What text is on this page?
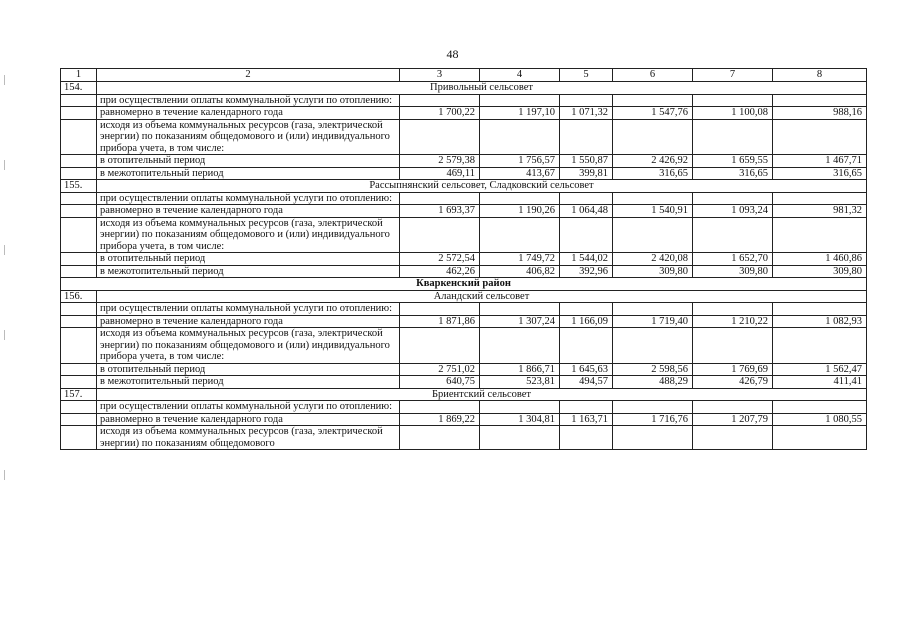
48
1	2	3	4	5	6	7	8
154.	Привольный сельсовет						
	при осуществлении оплаты коммунальной услуги по отоплению:						
	равномерно в течение календарного года	1 700,22	1 197,10	1 071,32	1 547,76	1 100,08	988,16
	исходя из объема коммунальных ресурсов (газа, электрической энергии) по показаниям общедомового и (или) индивидуального прибора учета, в том числе:						
	в отопительный период	2 579,38	1 756,57	1 550,87	2 426,92	1 659,55	1 467,71
	в межотопительный период	469,11	413,67	399,81	316,65	316,65	316,65
155.	Рассыпнянский сельсовет, Сладковский сельсовет						
	при осуществлении оплаты коммунальной услуги по отоплению:						
	равномерно в течение календарного года	1 693,37	1 190,26	1 064,48	1 540,91	1 093,24	981,32
	исходя из объема коммунальных ресурсов (газа, электрической энергии) по показаниям общедомового и (или) индивидуального прибора учета, в том числе:						
	в отопительный период	2 572,54	1 749,72	1 544,02	2 420,08	1 652,70	1 460,86
	в межотопительный период	462,26	406,82	392,96	309,80	309,80	309,80
Кваркенский район							
156.	Аландский сельсовет						
	при осуществлении оплаты коммунальной услуги по отоплению:						
	равномерно в течение календарного года	1 871,86	1 307,24	1 166,09	1 719,40	1 210,22	1 082,93
	исходя из объема коммунальных ресурсов (газа, электрической энергии) по показаниям общедомового и (или) индивидуального прибора учета, в том числе:						
	в отопительный период	2 751,02	1 866,71	1 645,63	2 598,56	1 769,69	1 562,47
	в межотопительный период	640,75	523,81	494,57	488,29	426,79	411,41
157.	Бриентский сельсовет						
	при осуществлении оплаты коммунальной услуги по отоплению:						
	равномерно в течение календарного года	1 869,22	1 304,81	1 163,71	1 716,76	1 207,79	1 080,55
	исходя из объема коммунальных ресурсов (газа, электрической энергии) по показаниям общедомового						
